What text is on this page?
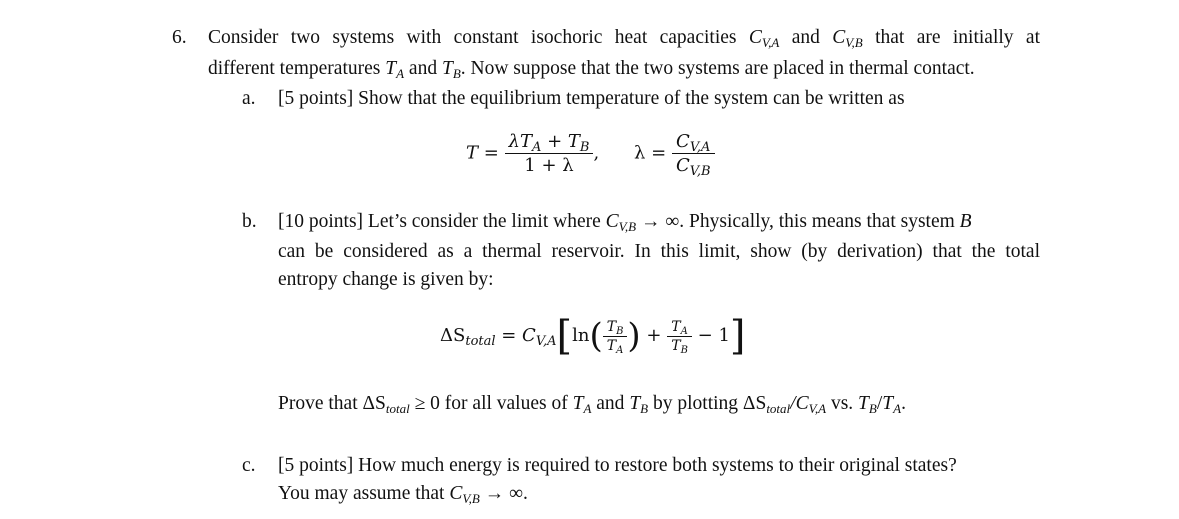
6. Consider two systems with constant isochoric heat capacities $C_{V,A}$ and $C_{V,B}$ that are initially at
different temperatures $T_A$ and $T_B$. Now suppose that the two systems are placed in thermal contact.
a. [5 points] Show that the equilibrium temperature of the system can be written as
$T = \frac{\lambda T_A + T_B}{1 + \lambda}$ , $\lambda = \frac{C_{V,A}}{C_{V,B}}$
b. [10 points] Let’s consider the limit where $C_{V,B}$ → ∞. Physically, this means that system B
can be considered as a thermal reservoir. In this limit, show (by derivation) that the total
entropy change is given by:
$\Delta S_{total} = C_{V,A}[\ln( \frac{T_B}{T_A}$ ) + $\frac{T_A}{T_B} - 1$]
Prove that $\Delta S_{total} \ge 0$ for all values of $T_A$ and $T_B$ by plotting $\Delta S_{total}/C_{V,A}$ vs. $T_B/T_A$.
c. [5 points] How much energy is required to restore both systems to their original states?
You may assume that $C_{V,B}$ → ∞.
